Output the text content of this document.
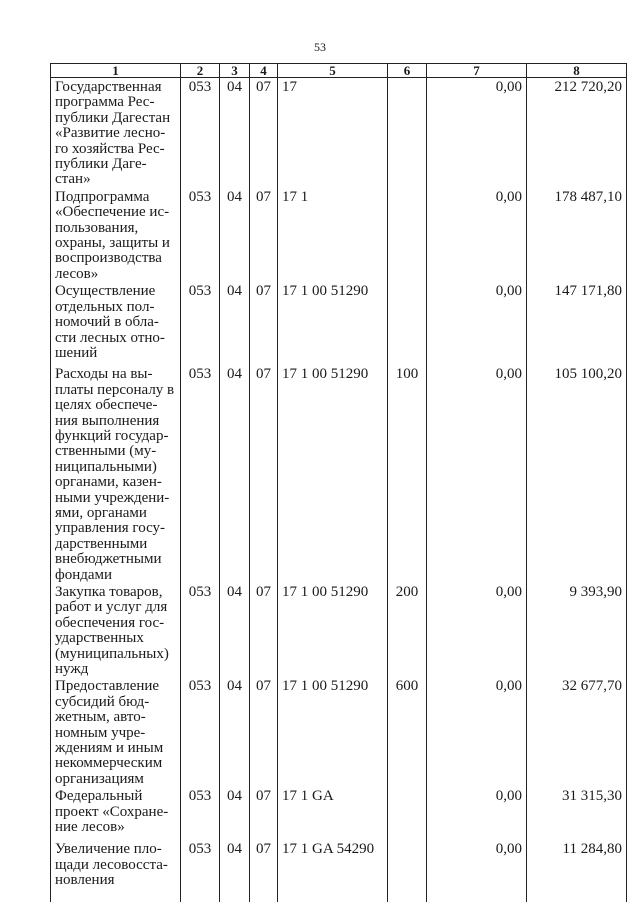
53
1	2	3	4	5	6	7	8
Государственная программа Рес- публики Дагестан «Развитие лесно- го хозяйства Рес- публики Даге- стан»	053	04	07	17		0,00	212 720,20
Подпрограмма «Обеспечение ис- пользования, охраны, защиты и воспроизводства лесов»	053	04	07	17 1		0,00	178 487,10
Осуществление отдельных пол- номочий в обла- сти лесных отно- шений	053	04	07	17 1 00 51290		0,00	147 171,80
Расходы на вы- платы персоналу в целях обеспече- ния выполнения функций государ- ственными (му- ниципальными) органами, казен- ными учреждени- ями, органами управления госу- дарственными внебюджетными фондами	053	04	07	17 1 00 51290	100	0,00	105 100,20
Закупка товаров, работ и услуг для обеспечения гос- ударственных (муниципальных) нужд	053	04	07	17 1 00 51290	200	0,00	9 393,90
Предоставление субсидий бюд- жетным, авто- номным учре- ждениям и иным некоммерческим организациям	053	04	07	17 1 00 51290	600	0,00	32 677,70
Федеральный проект «Сохране- ние лесов»	053	04	07	17 1 GA		0,00	31 315,30
Увеличение пло- щади лесовосста- новления	053	04	07	17 1 GA 54290		0,00	11 284,80
